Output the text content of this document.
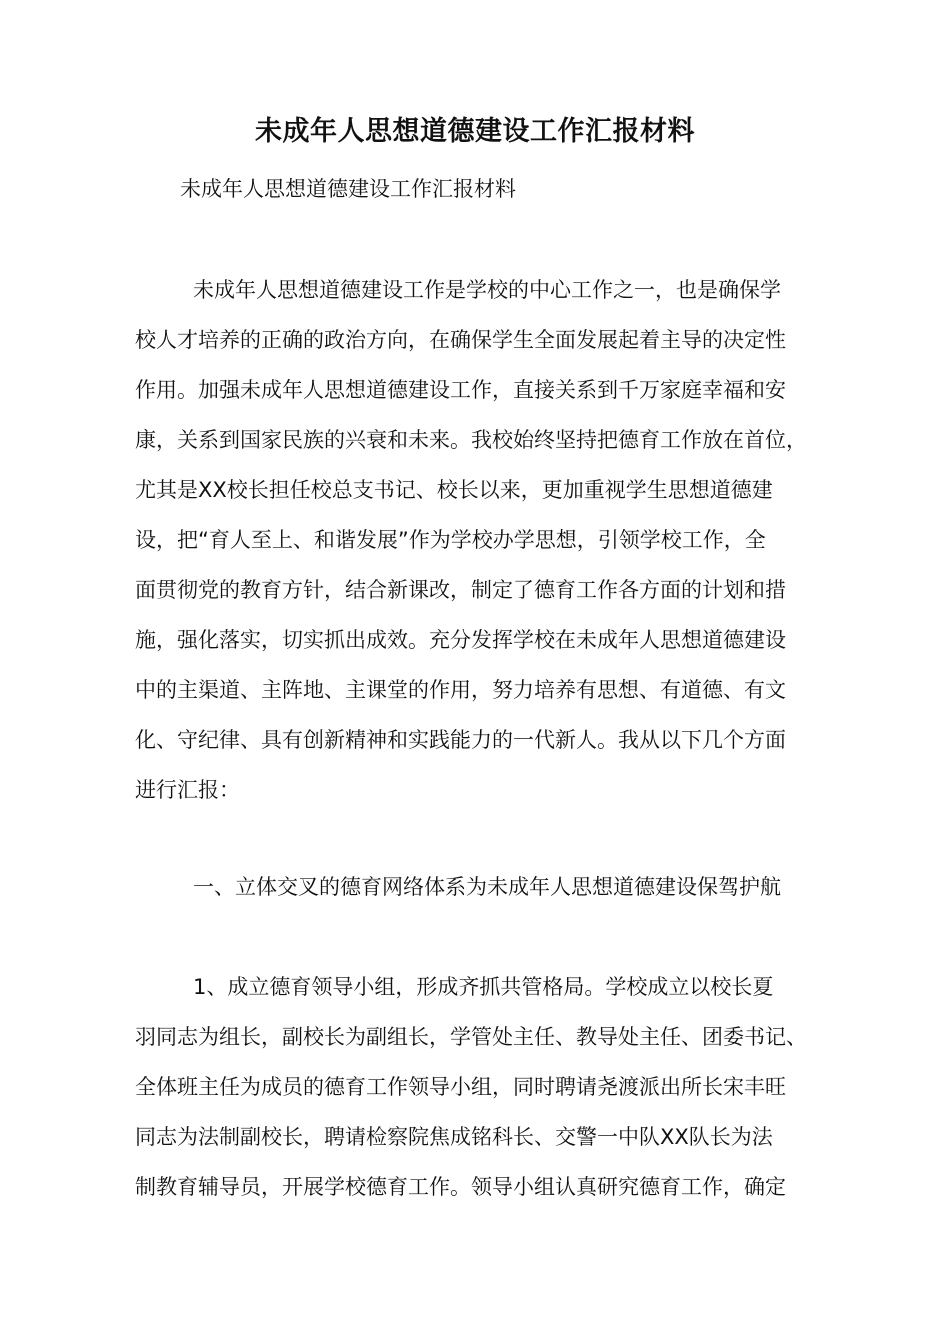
未成年人思想道德建设工作汇报材料

未成年人思想道德建设工作汇报材料

未成年人思想道德建设工作是学校的中心工作之一，也是确保学
校人才培养的正确的政治方向，在确保学生全面发展起着主导的决定性
作用。加强未成年人思想道德建设工作，直接关系到千万家庭幸福和安
康，关系到国家民族的兴衰和未来。我校始终坚持把德育工作放在首位，
尤其是XX校长担任校总支书记、校长以来，更加重视学生思想道德建
设，把“育人至上、和谐发展”作为学校办学思想，引领学校工作，全
面贯彻党的教育方针，结合新课改，制定了德育工作各方面的计划和措
施，强化落实，切实抓出成效。充分发挥学校在未成年人思想道德建设
中的主渠道、主阵地、主课堂的作用，努力培养有思想、有道德、有文
化、守纪律、具有创新精神和实践能力的一代新人。我从以下几个方面
进行汇报：
一、立体交叉的德育网络体系为未成年人思想道德建设保驾护航
1、成立德育领导小组，形成齐抓共管格局。学校成立以校长夏
羽同志为组长，副校长为副组长，学管处主任、教导处主任、团委书记、
全体班主任为成员的德育工作领导小组，同时聘请尧渡派出所长宋丰旺
同志为法制副校长，聘请检察院焦成铭科长、交警一中队XX队长为法
制教育辅导员，开展学校德育工作。领导小组认真研究德育工作，确定
